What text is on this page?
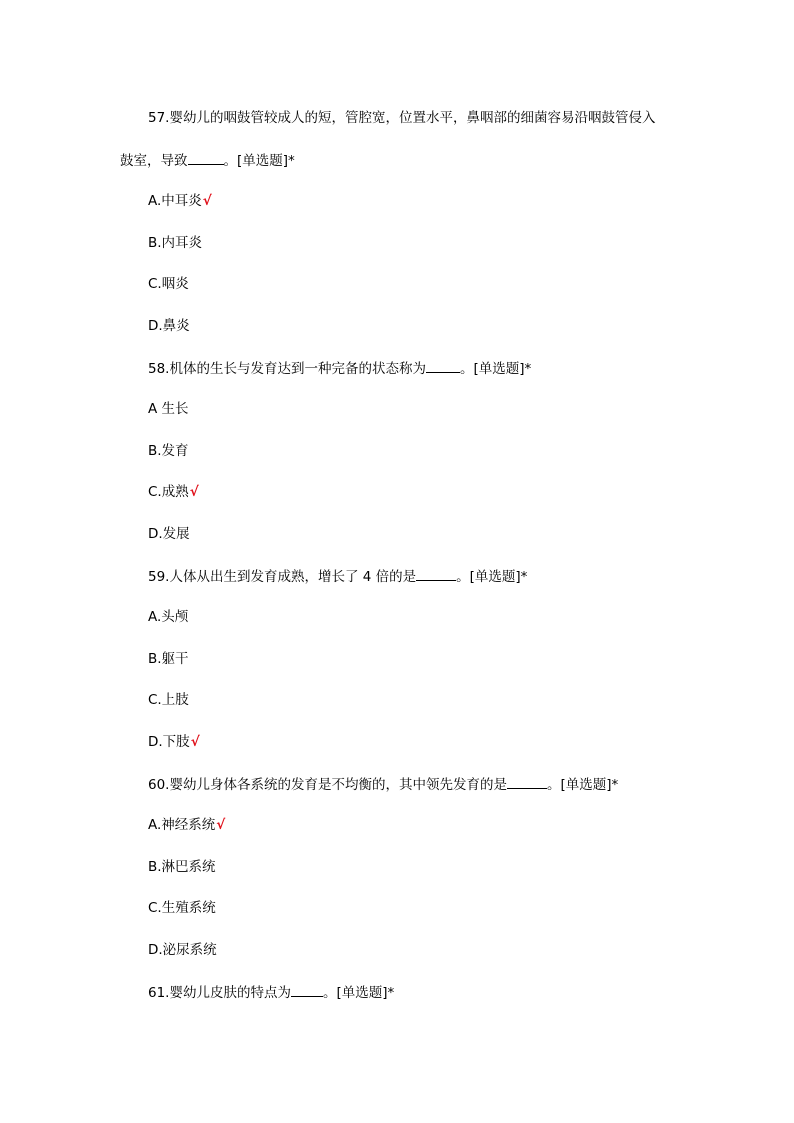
57.婴幼儿的咽鼓管较成人的短，管腔宽，位置水平，鼻咽部的细菌容易沿咽鼓管侵入
鼓室，导致	。[单选题]*
A.中耳炎√
B.内耳炎
C.咽炎
D.鼻炎
58.机体的生长与发育达到一种完备的状态称为	。[单选题]*
A 生长
B.发育
C.成熟√
D.发展
59.人体从出生到发育成熟，增长了 4 倍的是	。[单选题]*
A.头颅
B.躯干
C.上肢
D.下肢√
60.婴幼儿身体各系统的发育是不均衡的，其中领先发育的是	。[单选题]*
A.神经系统√
B.淋巴系统
C.生殖系统
D.泌尿系统
61.婴幼儿皮肤的特点为 。[单选题]*
